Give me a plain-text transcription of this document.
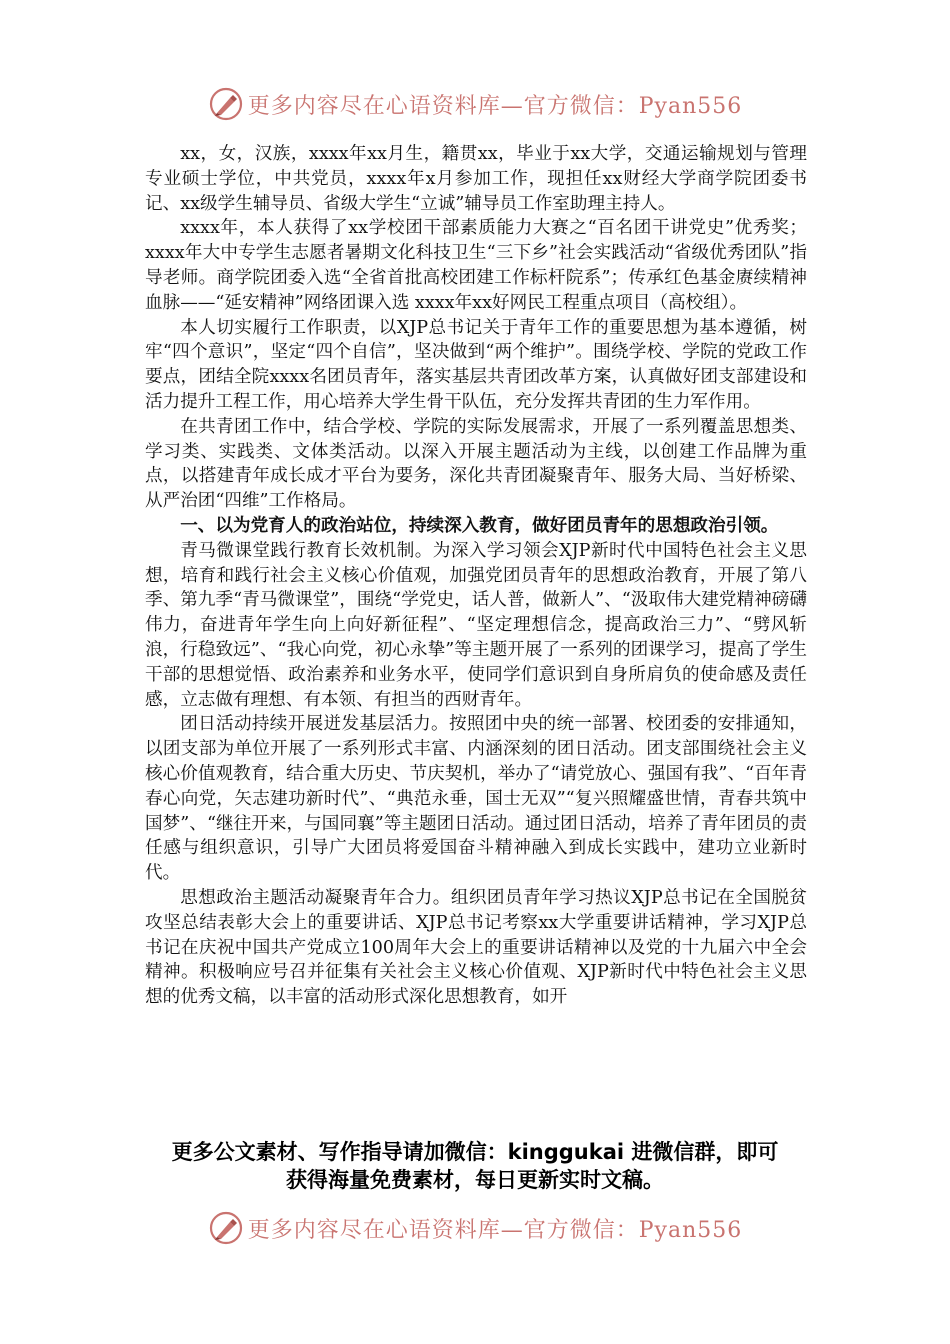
更多内容尽在心语资料库—官方微信：Pyan556

xx，女，汉族，xxxx年xx月生，籍贯xx，毕业于xx大学，交通运输规划与管理专业硕士学位，中共党员，xxxx年x月参加工作，现担任xx财经大学商学院团委书记、xx级学生辅导员、省级大学生“立诚”辅导员工作室助理主持人。

xxxx年，本人获得了xx学校团干部素质能力大赛之“百名团干讲党史”优秀奖；xxxx年大中专学生志愿者暑期文化科技卫生“三下乡”社会实践活动“省级优秀团队”指导老师。商学院团委入选“全省首批高校团建工作标杆院系”；传承红色基金赓续精神血脉——“延安精神”网络团课入选 xxxx年xx好网民工程重点项目（高校组）。

本人切实履行工作职责，以XJP总书记关于青年工作的重要思想为基本遵循，树牢“四个意识”，坚定“四个自信”，坚决做到“两个维护”。围绕学校、学院的党政工作要点，团结全院xxxx名团员青年，落实基层共青团改革方案，认真做好团支部建设和活力提升工程工作，用心培养大学生骨干队伍，充分发挥共青团的生力军作用。

在共青团工作中，结合学校、学院的实际发展需求，开展了一系列覆盖思想类、学习类、实践类、文体类活动。以深入开展主题活动为主线，以创建工作品牌为重点，以搭建青年成长成才平台为要务，深化共青团凝聚青年、服务大局、当好桥梁、从严治团“四维”工作格局。

一、以为党育人的政治站位，持续深入教育，做好团员青年的思想政治引领。

青马微课堂践行教育长效机制。为深入学习领会XJP新时代中国特色社会主义思想，培育和践行社会主义核心价值观，加强党团员青年的思想政治教育，开展了第八季、第九季“青马微课堂”，围绕“学党史，话人普，做新人”、“汲取伟大建党精神磅礴伟力，奋进青年学生向上向好新征程”、“坚定理想信念，提高政治三力”、“劈风斩浪，行稳致远”、“我心向党，初心永挚”等主题开展了一系列的团课学习，提高了学生干部的思想觉悟、政治素养和业务水平，使同学们意识到自身所肩负的使命感及责任感，立志做有理想、有本领、有担当的西财青年。

团日活动持续开展迸发基层活力。按照团中央的统一部署、校团委的安排通知，以团支部为单位开展了一系列形式丰富、内涵深刻的团日活动。团支部围绕社会主义核心价值观教育，结合重大历史、节庆契机，举办了“请党放心、强国有我”、“百年青春心向党，矢志建功新时代”、“典范永垂，国士无双”“复兴照耀盛世情，青春共筑中国梦”、“继往开来，与国同襄”等主题团日活动。通过团日活动，培养了青年团员的责任感与组织意识，引导广大团员将爱国奋斗精神融入到成长实践中，建功立业新时代。

思想政治主题活动凝聚青年合力。组织团员青年学习热议XJP总书记在全国脱贫攻坚总结表彰大会上的重要讲话、XJP总书记考察xx大学重要讲话精神，学习XJP总书记在庆祝中国共产党成立100周年大会上的重要讲话精神以及党的十九届六中全会精神。积极响应号召并征集有关社会主义核心价值观、XJP新时代中特色社会主义思想的优秀文稿，以丰富的活动形式深化思想教育，如开

更多公文素材、写作指导请加微信：kinggukai 进微信群，即可
获得海量免费素材，每日更新实时文稿。
更多内容尽在心语资料库—官方微信：Pyan556
